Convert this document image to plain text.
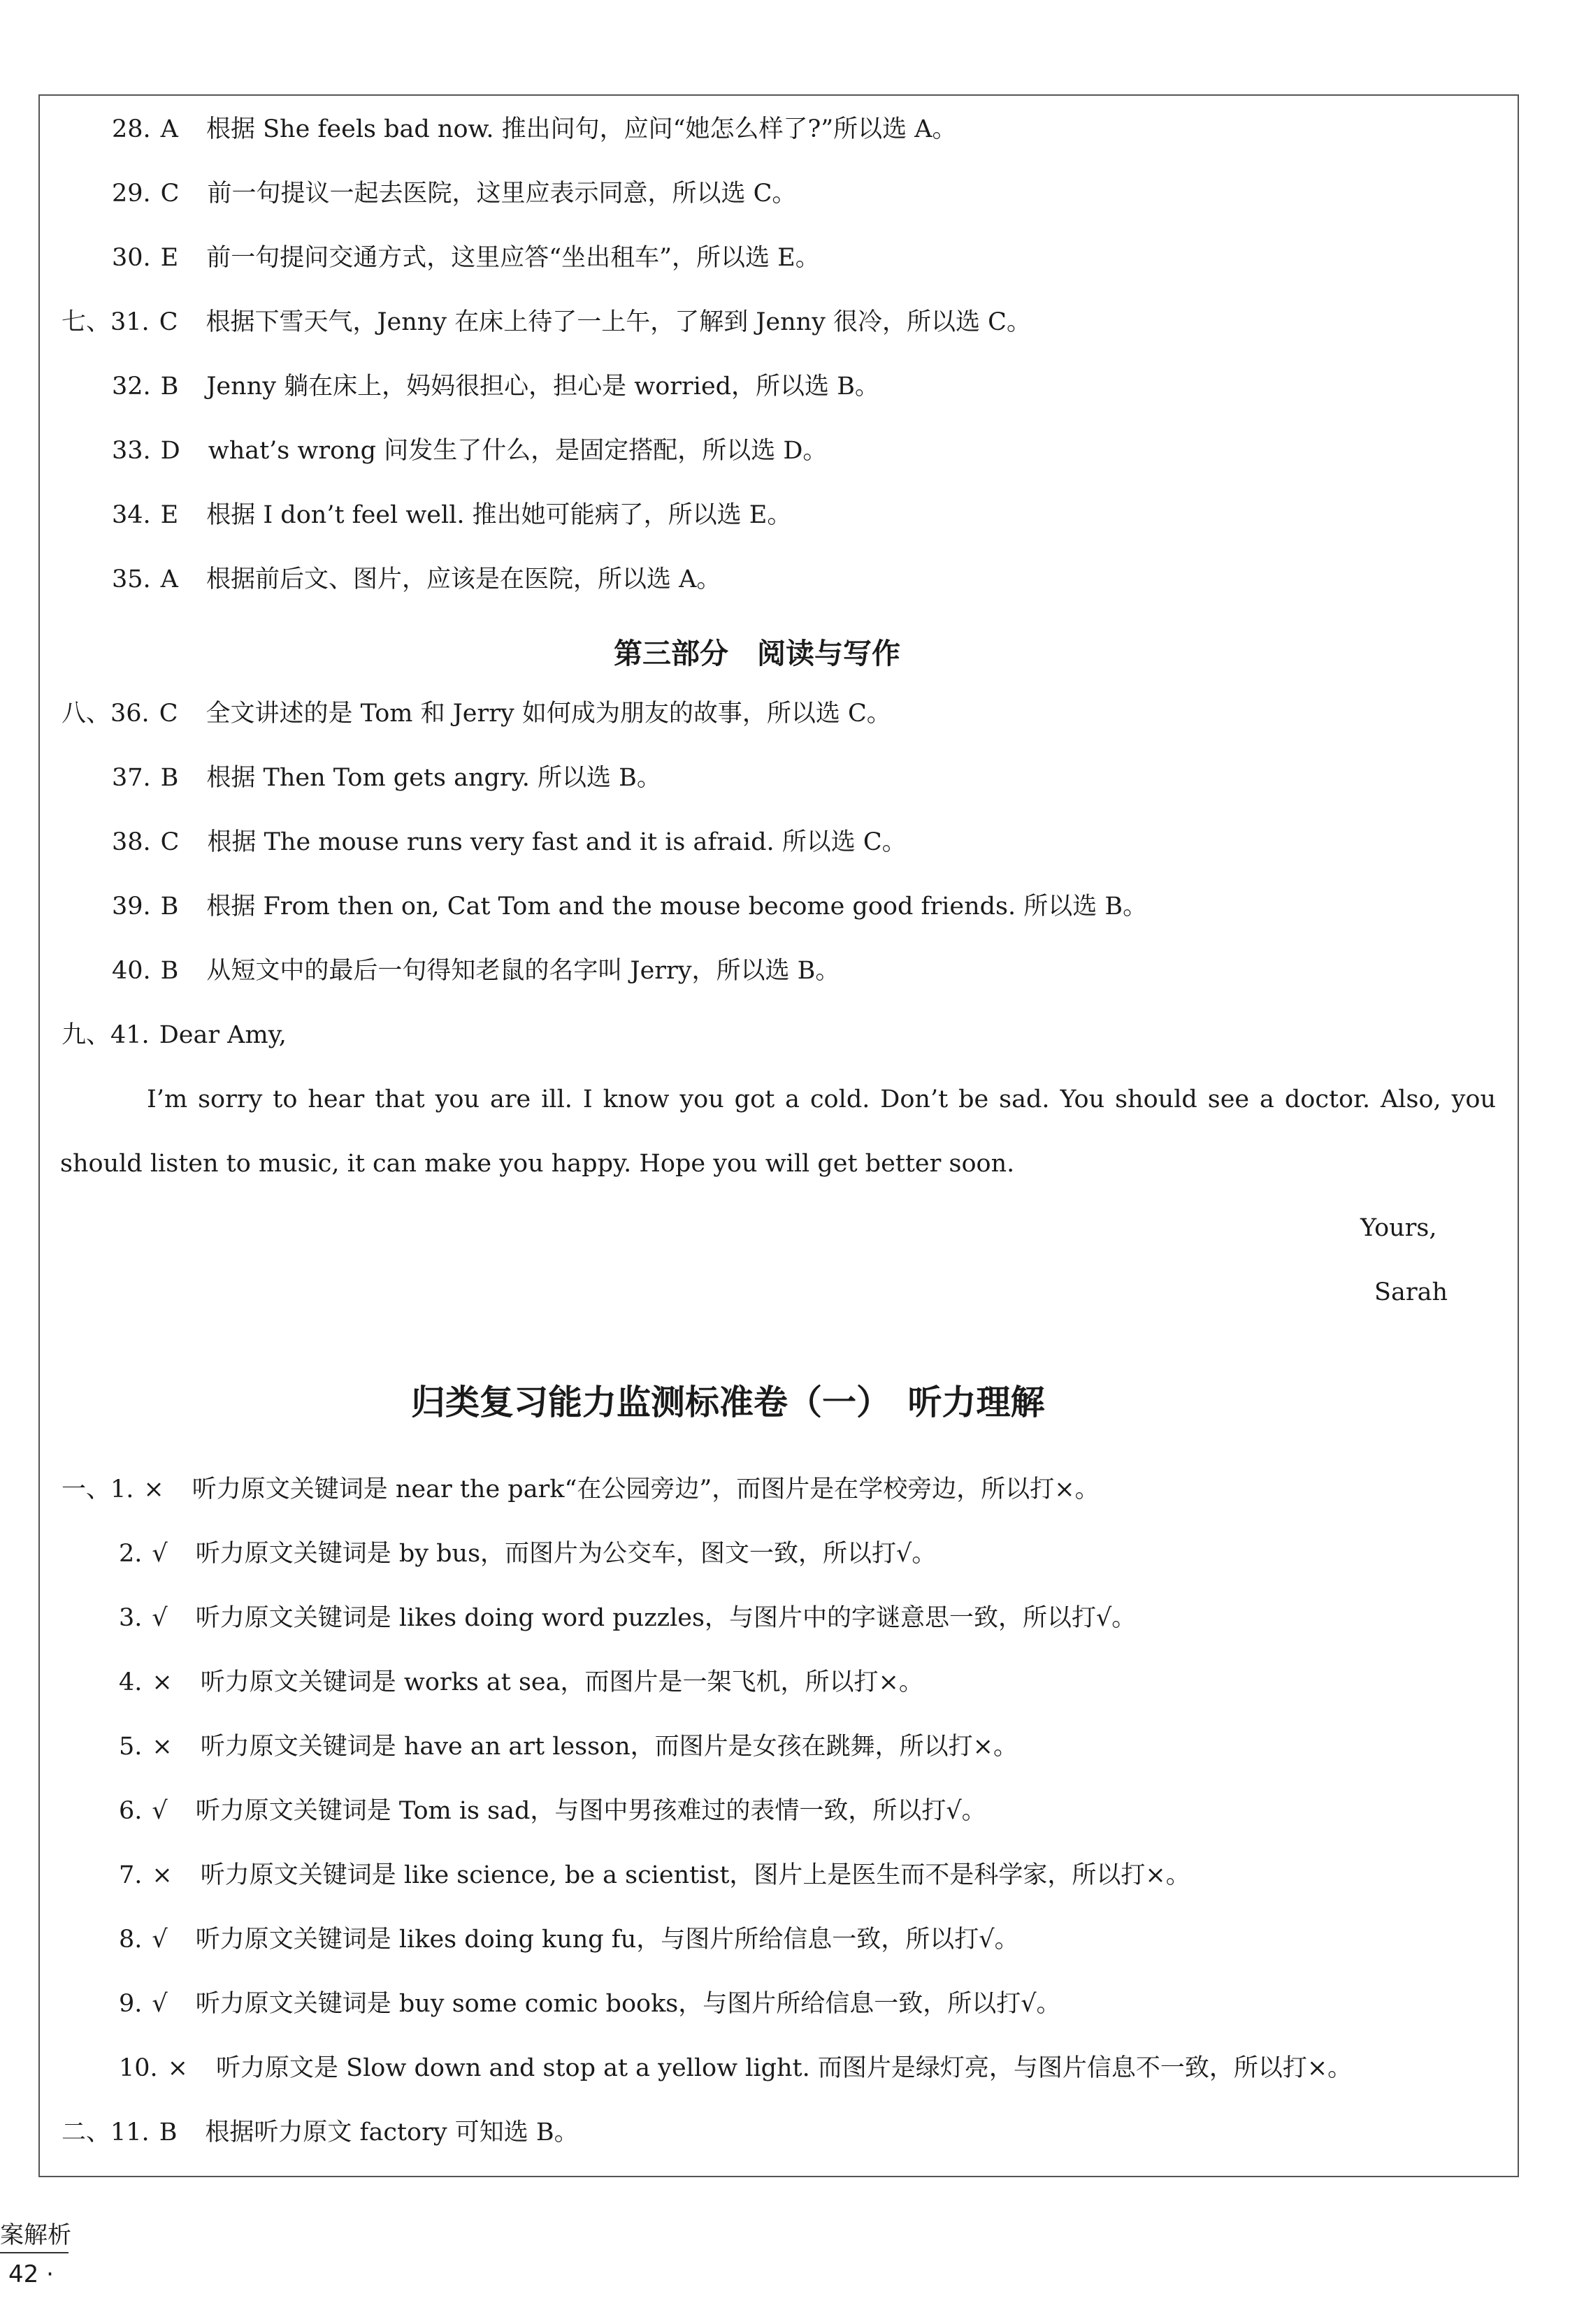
28. A 根据 She feels bad now. 推出问句，应问“她怎么样了?”所以选 A。
29. C 前一句提议一起去医院，这里应表示同意，所以选 C。
30. E 前一句提问交通方式，这里应答“坐出租车”，所以选 E。
七、31. C 根据下雪天气，Jenny 在床上待了一上午，了解到 Jenny 很冷，所以选 C。
32. B Jenny 躺在床上，妈妈很担心，担心是 worried，所以选 B。
33. D what’s wrong 问发生了什么，是固定搭配，所以选 D。
34. E 根据 I don’t feel well. 推出她可能病了，所以选 E。
35. A 根据前后文、图片，应该是在医院，所以选 A。
第三部分　阅读与写作
八、36. C 全文讲述的是 Tom 和 Jerry 如何成为朋友的故事，所以选 C。
37. B 根据 Then Tom gets angry. 所以选 B。
38. C 根据 The mouse runs very fast and it is afraid. 所以选 C。
39. B 根据 From then on, Cat Tom and the mouse become good friends. 所以选 B。
40. B 从短文中的最后一句得知老鼠的名字叫 Jerry，所以选 B。
九、41. Dear Amy,
I’m sorry to hear that you are ill. I know you got a cold. Don’t be sad. You should see a doctor. Also, you
should listen to music, it can make you happy. Hope you will get better soon.
Yours,
Sarah
归类复习能力监测标准卷（一）　听力理解
一、1. × 听力原文关键词是 near the park“在公园旁边”，而图片是在学校旁边，所以打×。
2. √ 听力原文关键词是 by bus，而图片为公交车，图文一致，所以打√。
3. √ 听力原文关键词是 likes doing word puzzles，与图片中的字谜意思一致，所以打√。
4. × 听力原文关键词是 works at sea，而图片是一架飞机，所以打×。
5. × 听力原文关键词是 have an art lesson，而图片是女孩在跳舞，所以打×。
6. √ 听力原文关键词是 Tom is sad，与图中男孩难过的表情一致，所以打√。
7. × 听力原文关键词是 like science, be a scientist，图片上是医生而不是科学家，所以打×。
8. √ 听力原文关键词是 likes doing kung fu，与图片所给信息一致，所以打√。
9. √ 听力原文关键词是 buy some comic books，与图片所给信息一致，所以打√。
10. × 听力原文是 Slow down and stop at a yellow light. 而图片是绿灯亮，与图片信息不一致，所以打×。
二、11. B 根据听力原文 factory 可知选 B。
案解析
42 ·
